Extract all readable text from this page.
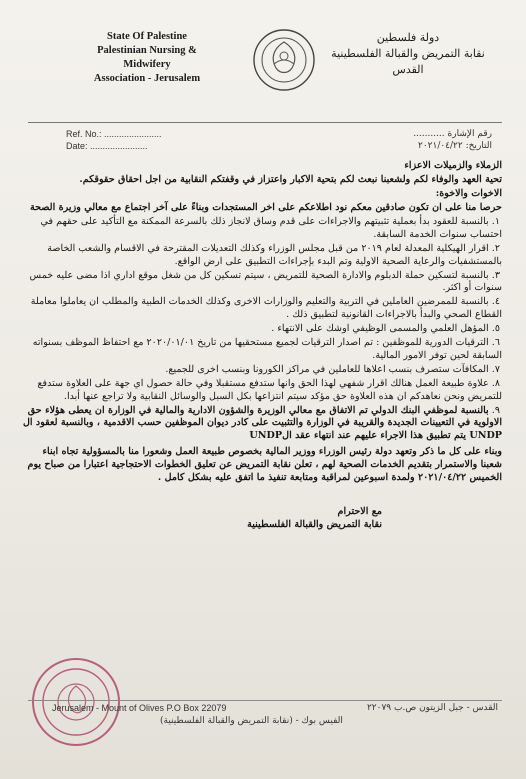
State Of Palestine
Palestinian Nursing &
Midwifery
Association - Jerusalem
دولة فلسطين
نقابة التمريض والقبالة الفلسطينية
القدس
Ref. No.: .......................
Date: .......................
رقم الإشارة ...........
التاريخ: ٢٠٢١/٠٤/٢٢

الزملاء والزميلات الاعزاء

تحية العهد والوفاء لكم ولشعبنا نبعث لكم بتحية الاكبار واعتزاز في وقفتكم النقابية من اجل احقاق حقوقكم.

الاخوات والاخوة:

حرصا منا على ان تكون صادقين معكم نود اطلاعكم على اخر المستجدات وبناءً على آخر اجتماع مع معالي وزيرة الصحة

١. بالنسبة للعقود بدأ بعملية تثبيتهم والاجراءات على قدم وساق لانجاز ذلك بالسرعة الممكنة مع التأكيد على حقهم في احتساب سنوات الخدمة السابقة.

٢. اقرار الهيكلية المعدلة لعام ٢٠١٩ من قبل مجلس الوزراء وكذلك التعديلات المقترحة في الاقسام والشعب الخاصة بالمستشفيات والرعاية الصحية الاولية وتم البدء بإجراءات التطبيق على ارض الواقع.

٣. بالنسبة لتسكين حملة الدبلوم والادارة الصحية للتمريض ، سيتم تسكين كل من شغل موقع اداري اذا مضى عليه خمس سنوات أو اكثر.

٤. بالنسبة للممرضين العاملين في التربية والتعليم والوزارات الاخرى وكذلك الخدمات الطبية والمطلب ان يعاملوا معاملة القطاع الصحي والبدأ بالاجراءات القانونية لتطبيق ذلك .

٥. المؤهل العلمي والمسمى الوظيفي اوشك على الانتهاء .

٦. الترقيات الدورية للموظفين : تم اصدار الترقيات لجميع مستحقيها من تاريخ ٢٠٢٠/٠١/٠١ مع احتفاظ الموظف بسنواته السابقة لحين توفر الامور المالية.

٧. المكافآت ستصرف بنسب اعلاها للعاملين في مراكز الكورونا وبنسب اخرى للجميع.

٨. علاوة طبيعة العمل هنالك اقرار شفهي لهذا الحق وانها ستدفع مستقبلا وفي حالة حصول اي جهة على العلاوة ستدفع للتمريض ونحن نعاهدكم ان هذه العلاوة حق مؤكد سيتم انتزاعها بكل السبل والوسائل النقابية ولا تراجع عنها أبدا.

٩. بالنسبة لموظفي البنك الدولي تم الاتفاق مع معالي الوزيرة والشؤون الادارية والمالية في الوزارة ان يعطى هؤلاء حق الاولوية في التعيينات الجديدة والقريبة في الوزارة والتثبيت على كادر ديوان الموظفين حسب الاقدمية ، وبالنسبة لعقود ال UNDP يتم تطبيق هذا الاجراء عليهم عند انتهاء عقد الUNDP

وبناء على كل ما ذكر وتعهد دولة رئيس الوزراء ووزير المالية بخصوص طبيعة العمل وشعورا منا بالمسؤولية تجاه ابناء شعبنا والاستمرار بتقديم الخدمات الصحية لهم ، تعلن نقابة التمريض عن تعليق الخطوات الاحتجاجية اعتبارا من صباح يوم الخميس ٢٠٢١/٠٤/٢٢ ولمدة اسبوعين لمراقبة ومتابعة تنفيذ ما اتفق عليه بشكل كامل .

مع الاحترام
نقابة التمريض والقبالة الفلسطينية
Jerusalem - Mount of Olives P.O Box 22079	القدس - جبل الزيتون ص.ب ٢٢٠٧٩
الفيس بوك - (نقابة التمريض والقبالة الفلسطينية)
